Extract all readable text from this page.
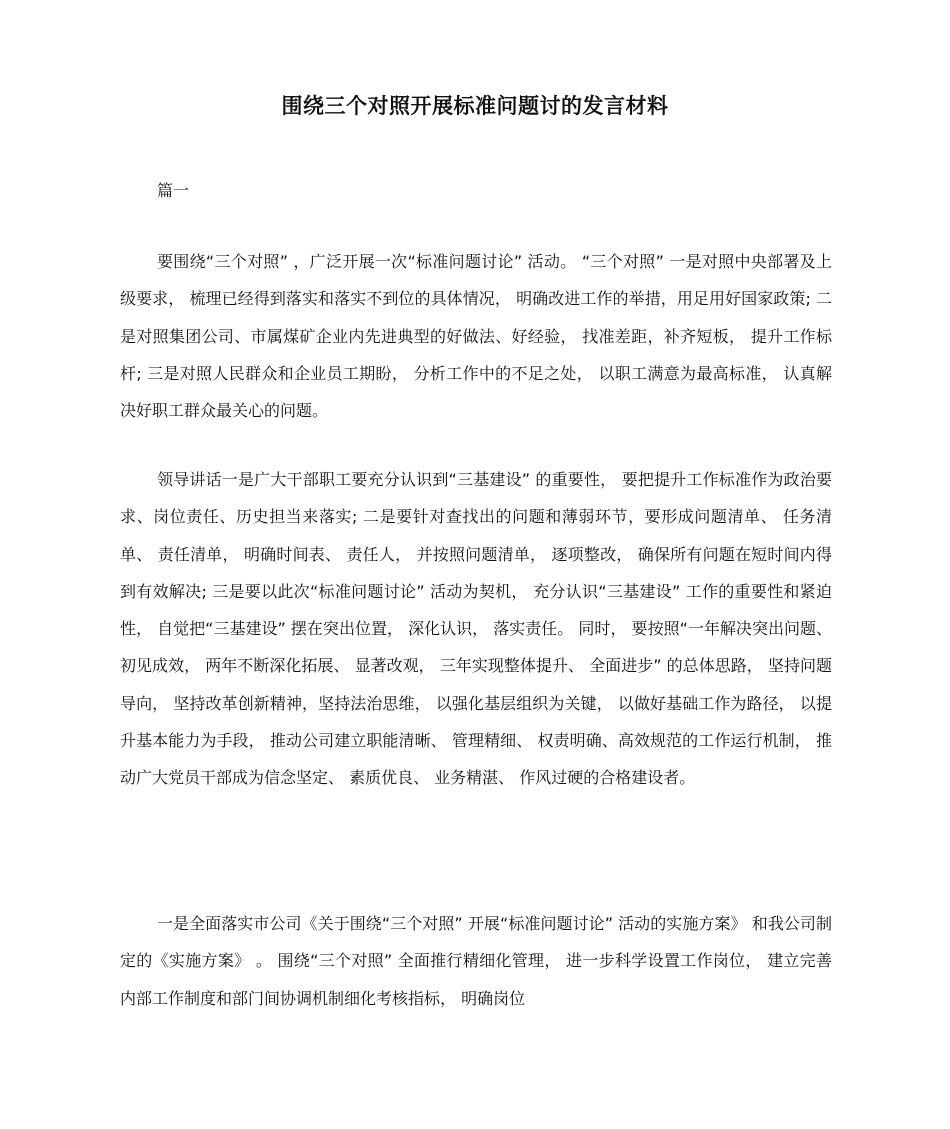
围绕三个对照开展标准问题讨的发言材料
篇一

要围绕“三个对照” ，广泛开展一次“标准问题讨论” 活动。 “三个对照” 一是对照中央部署及上级要求， 梳理已经得到落实和落实不到位的具体情况， 明确改进工作的举措，用足用好国家政策; 二是对照集团公司、市属煤矿企业内先进典型的好做法、好经验， 找准差距，补齐短板， 提升工作标杆; 三是对照人民群众和企业员工期盼， 分析工作中的不足之处， 以职工满意为最高标准， 认真解决好职工群众最关心的问题。

领导讲话一是广大干部职工要充分认识到“三基建设” 的重要性， 要把提升工作标准作为政治要求、岗位责任、历史担当来落实; 二是要针对查找出的问题和薄弱环节，要形成问题清单、 任务清单、 责任清单， 明确时间表、 责任人， 并按照问题清单， 逐项整改， 确保所有问题在短时间内得到有效解决; 三是要以此次“标准问题讨论” 活动为契机， 充分认识“三基建设” 工作的重要性和紧迫性， 自觉把“三基建设” 摆在突出位置， 深化认识， 落实责任。 同时， 要按照“一年解决突出问题、 初见成效， 两年不断深化拓展、 显著改观， 三年实现整体提升、 全面进步” 的总体思路， 坚持问题导向， 坚持改革创新精神，坚持法治思维， 以强化基层组织为关键， 以做好基础工作为路径， 以提升基本能力为手段， 推动公司建立职能清晰、 管理精细、 权责明确、高效规范的工作运行机制， 推动广大党员干部成为信念坚定、 素质优良、 业务精湛、 作风过硬的合格建设者。

一是全面落实市公司《关于围绕“三个对照” 开展“标准问题讨论” 活动的实施方案》 和我公司制定的《实施方案》 。 围绕“三个对照” 全面推行精细化管理， 进一步科学设置工作岗位， 建立完善内部工作制度和部门间协调机制细化考核指标， 明确岗位
